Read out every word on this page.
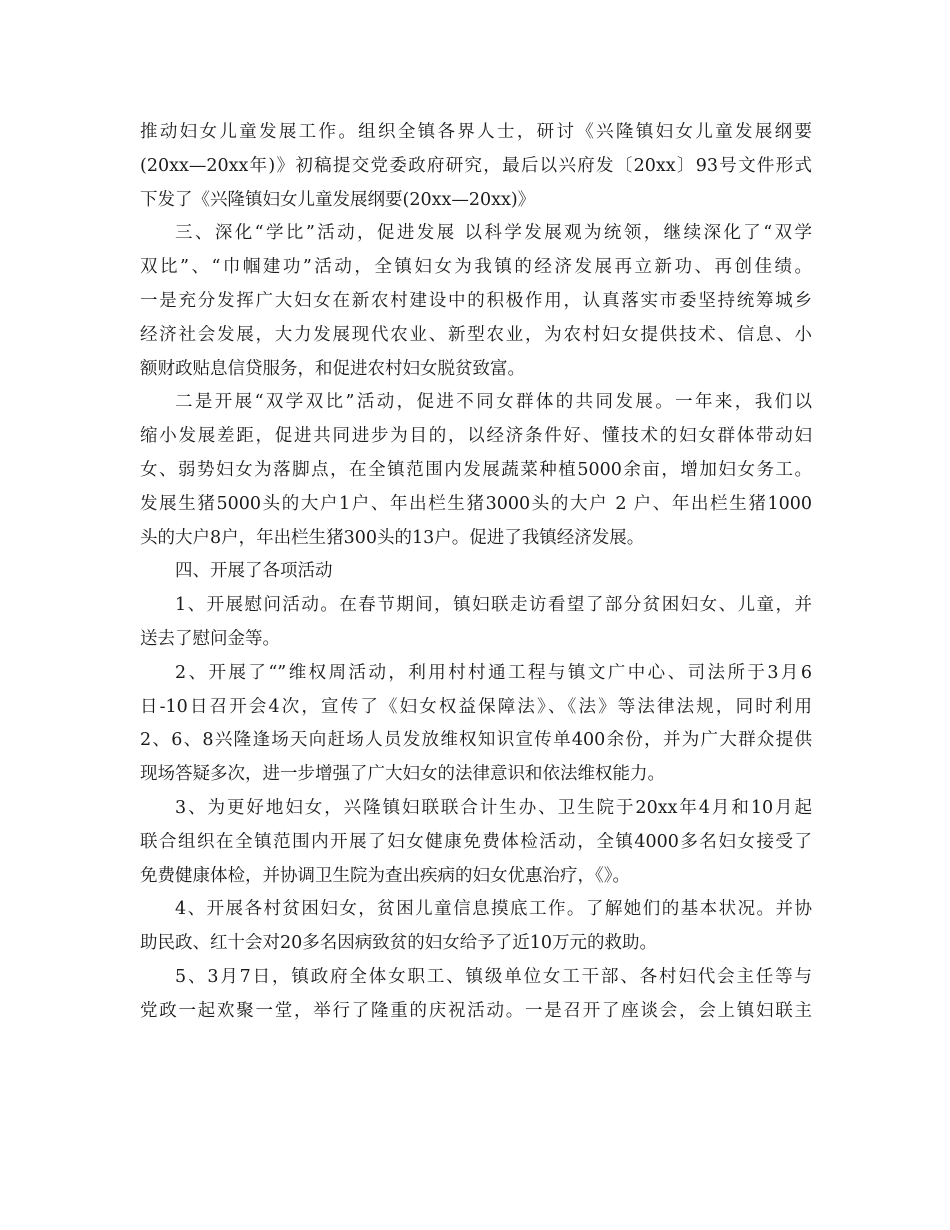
推动妇女儿童发展工作。组织全镇各界人士，研讨《兴隆镇妇女儿童发展纲要
(20xx—20xx年)》初稿提交党委政府研究，最后以兴府发〔20xx〕93号文件形式
下发了《兴隆镇妇女儿童发展纲要(20xx—20xx)》
三、深化“学比”活动，促进发展 以科学发展观为统领，继续深化了“双学
双比”、“巾帼建功”活动，全镇妇女为我镇的经济发展再立新功、再创佳绩。
一是充分发挥广大妇女在新农村建设中的积极作用，认真落实市委坚持统筹城乡
经济社会发展，大力发展现代农业、新型农业，为农村妇女提供技术、信息、小
额财政贴息信贷服务，和促进农村妇女脱贫致富。
二是开展“双学双比”活动，促进不同女群体的共同发展。一年来，我们以
缩小发展差距，促进共同进步为目的，以经济条件好、懂技术的妇女群体带动妇
女、弱势妇女为落脚点，在全镇范围内发展蔬菜种植5000余亩，增加妇女务工。
发展生猪5000头的大户1户、年出栏生猪3000头的大户 2 户、年出栏生猪1000
头的大户8户，年出栏生猪300头的13户。促进了我镇经济发展。
四、开展了各项活动
1、开展慰问活动。在春节期间，镇妇联走访看望了部分贫困妇女、儿童，并
送去了慰问金等。
2、开展了“”维权周活动，利用村村通工程与镇文广中心、司法所于3月6
日-10日召开会4次，宣传了《妇女权益保障法》、《法》等法律法规，同时利用
2、6、8兴隆逢场天向赶场人员发放维权知识宣传单400余份，并为广大群众提供
现场答疑多次，进一步增强了广大妇女的法律意识和依法维权能力。
3、为更好地妇女，兴隆镇妇联联合计生办、卫生院于20xx年4月和10月起
联合组织在全镇范围内开展了妇女健康免费体检活动，全镇4000多名妇女接受了
免费健康体检，并协调卫生院为查出疾病的妇女优惠治疗，《》。
4、开展各村贫困妇女，贫困儿童信息摸底工作。了解她们的基本状况。并协
助民政、红十会对20多名因病致贫的妇女给予了近10万元的救助。
5、3月7日，镇政府全体女职工、镇级单位女工干部、各村妇代会主任等与
党政一起欢聚一堂，举行了隆重的庆祝活动。一是召开了座谈会，会上镇妇联主
